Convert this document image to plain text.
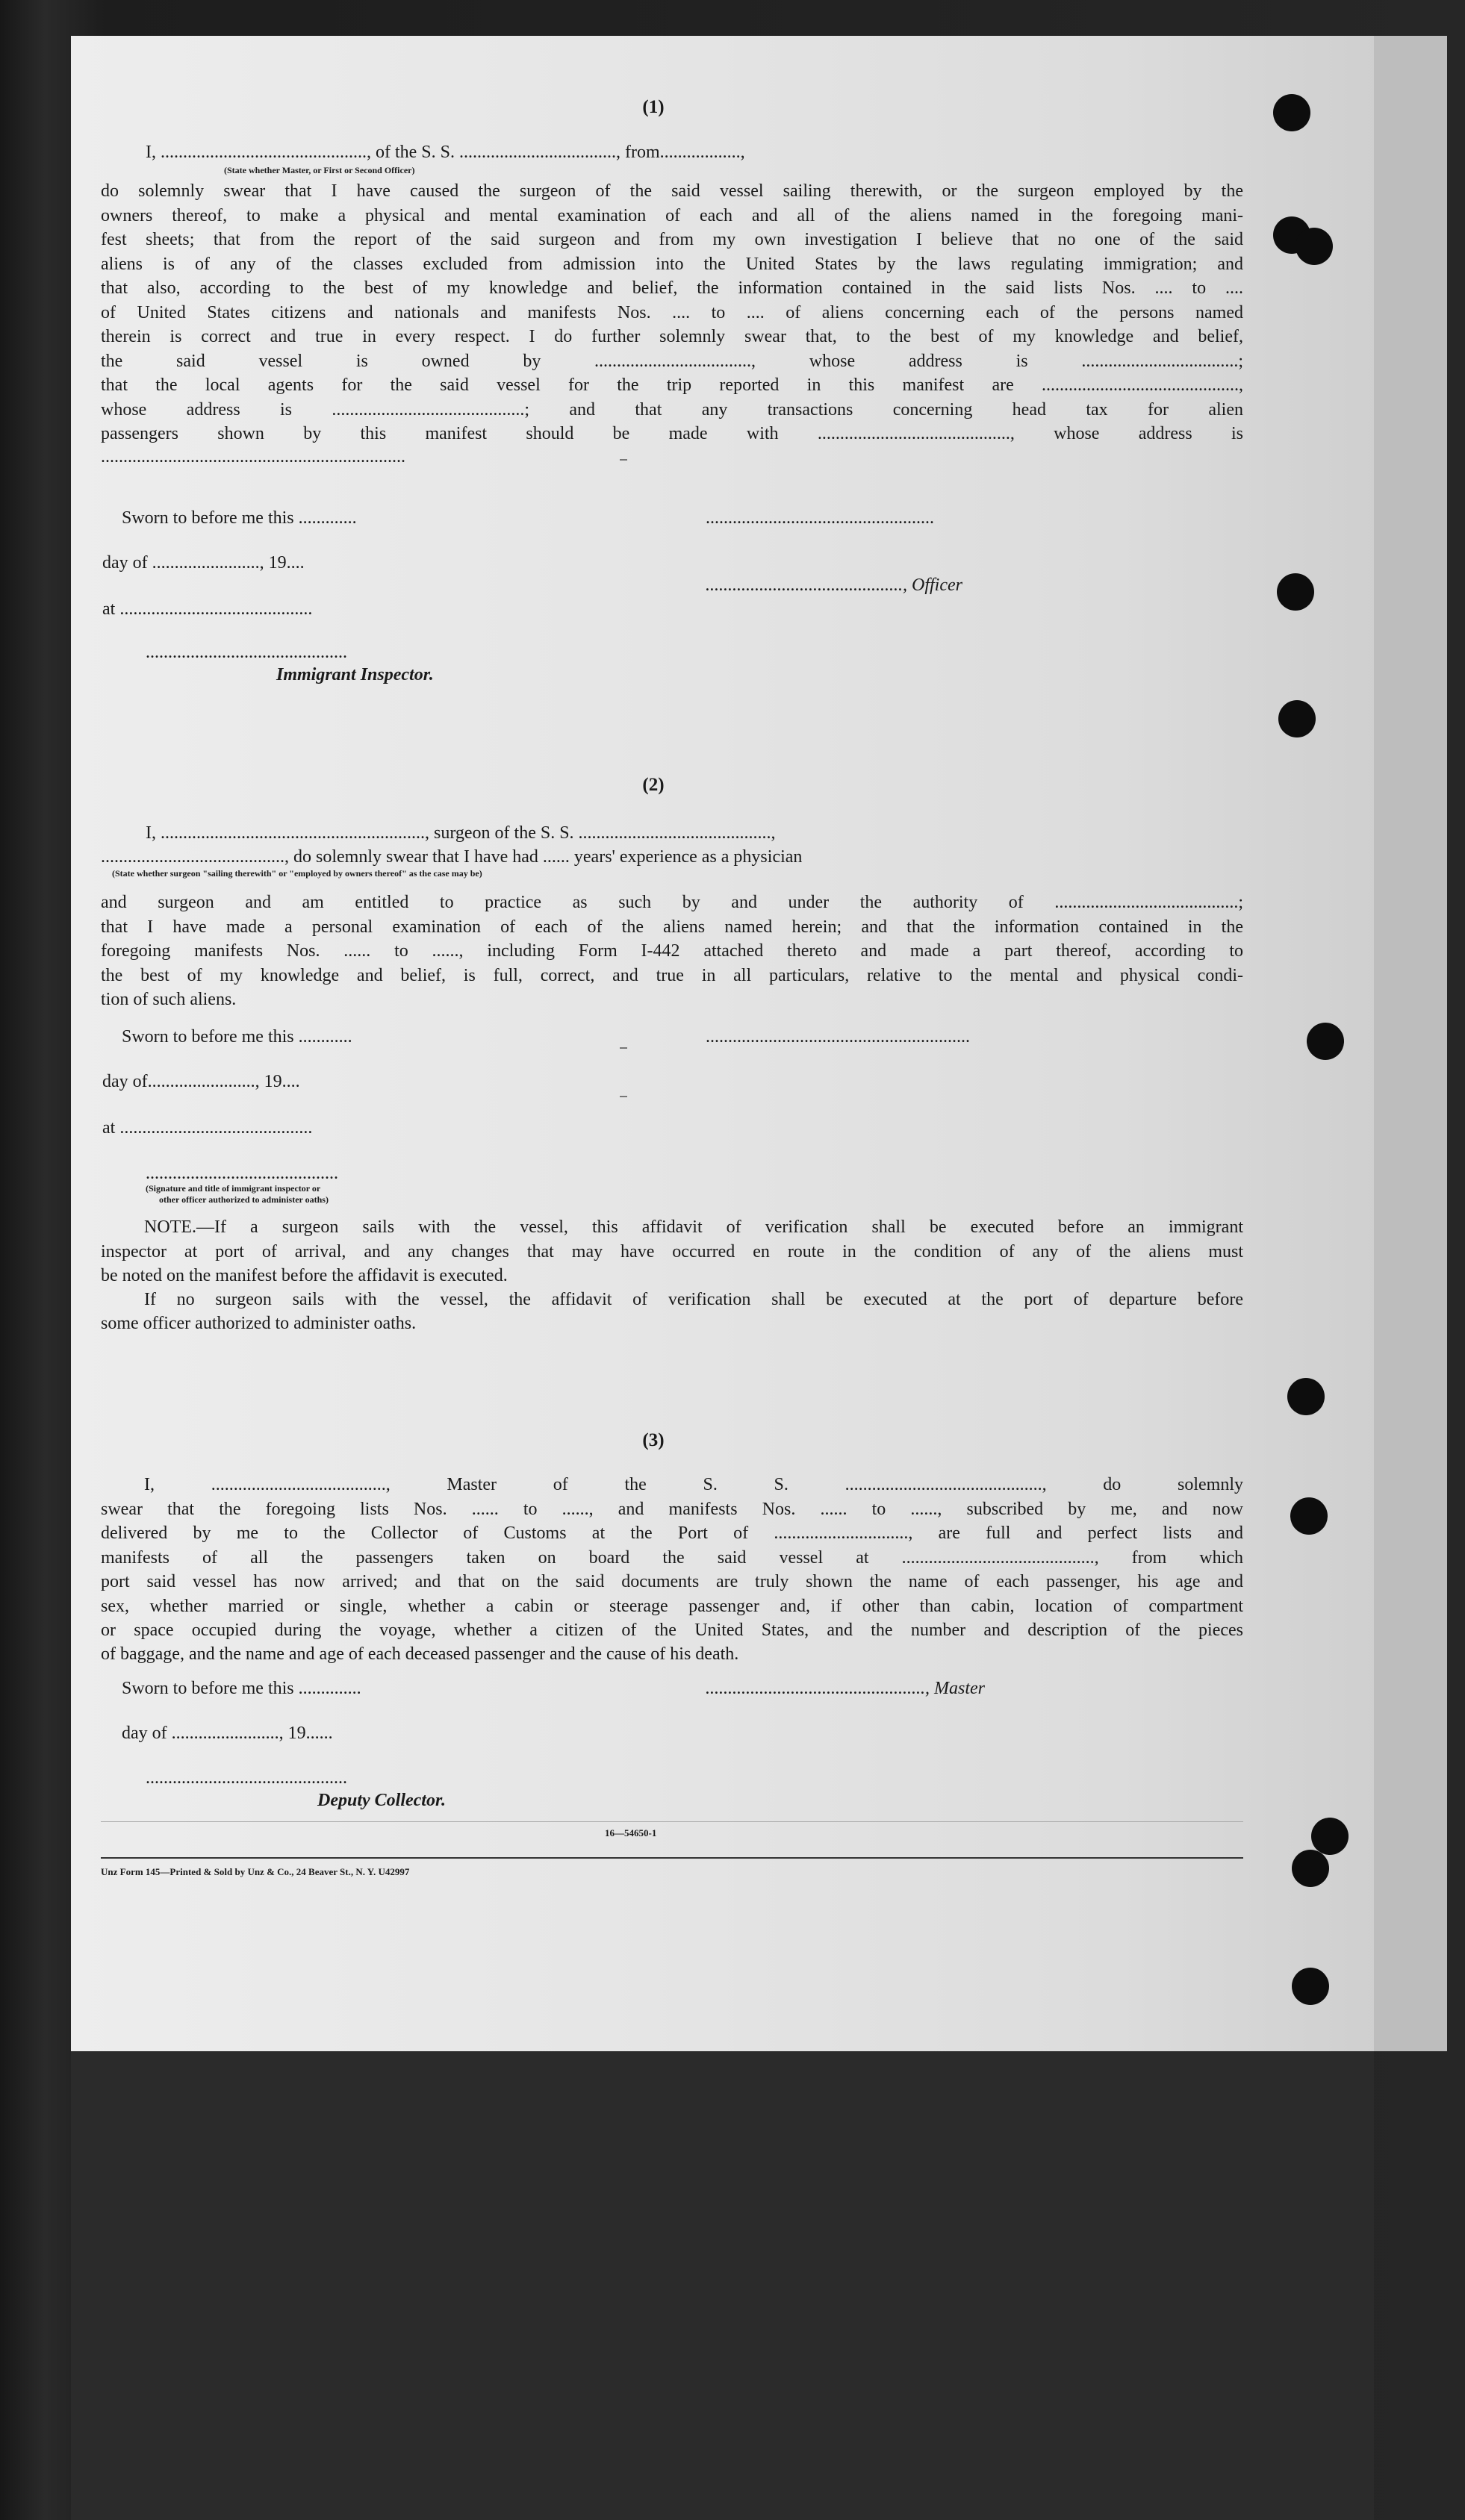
(1)
I, .............................................., of the S. S. ..................................., from..................,
(State whether Master, or First or Second Officer)
do solemnly swear that I have caused the surgeon of the said vessel sailing therewith, or the surgeon employed by the
owners thereof, to make a physical and mental examination of each and all of the aliens named in the foregoing mani-
fest sheets; that from the report of the said surgeon and from my own investigation I believe that no one of the said
aliens is of any of the classes excluded from admission into the United States by the laws regulating immigration; and
that also, according to the best of my knowledge and belief, the information contained in the said lists Nos. .... to ....
of United States citizens and nationals and manifests Nos. .... to .... of aliens concerning each of the persons named
therein is correct and true in every respect. I do further solemnly swear that, to the best of my knowledge and belief,
the said vessel is owned by ..................................., whose address is ...................................;
that the local agents for the said vessel for the trip reported in this manifest are ............................................,
whose address is ...........................................; and that any transactions concerning head tax for alien
passengers shown by this manifest should be made with ..........................................., whose address is
....................................................................
Sworn to before me this .............	...................................................
day of ........................, 19....
............................................, Officer
at ...........................................
.............................................
Immigrant Inspector.
(2)
I, ..........................................................., surgeon of the S. S. ...........................................,
........................................., do solemnly swear that I have had ...... years' experience as a physician
(State whether surgeon "sailing therewith" or "employed by owners thereof" as the case may be)
and surgeon and am entitled to practice as such by and under the authority of .........................................;
that I have made a personal examination of each of the aliens named herein; and that the information contained in the
foregoing manifests Nos. ...... to ......, including Form I-442 attached thereto and made a part thereof, according to
the best of my knowledge and belief, is full, correct, and true in all particulars, relative to the mental and physical condi-
tion of such aliens.
Sworn to before me this ............	...........................................................
day of........................, 19....
at ...........................................
...........................................
(Signature and title of immigrant inspector or
other officer authorized to administer oaths)
NOTE.—If a surgeon sails with the vessel, this affidavit of verification shall be executed before an immigrant
inspector at port of arrival, and any changes that may have occurred en route in the condition of any of the aliens must
be noted on the manifest before the affidavit is executed.
If no surgeon sails with the vessel, the affidavit of verification shall be executed at the port of departure before
some officer authorized to administer oaths.
(3)
I, ......................................., Master of the S. S. ............................................, do solemnly
swear that the foregoing lists Nos. ...... to ......, and manifests Nos. ...... to ......, subscribed by me, and now
delivered by me to the Collector of Customs at the Port of .............................., are full and perfect lists and
manifests of all the passengers taken on board the said vessel at ..........................................., from which
port said vessel has now arrived; and that on the said documents are truly shown the name of each passenger, his age and
sex, whether married or single, whether a cabin or steerage passenger and, if other than cabin, location of compartment
or space occupied during the voyage, whether a citizen of the United States, and the number and description of the pieces
of baggage, and the name and age of each deceased passenger and the cause of his death.
Sworn to before me this ..............	................................................., Master
day of ........................, 19......
.............................................
Deputy Collector.
16—54650-1
Unz Form 145—Printed & Sold by Unz & Co., 24 Beaver St., N. Y. U42997
